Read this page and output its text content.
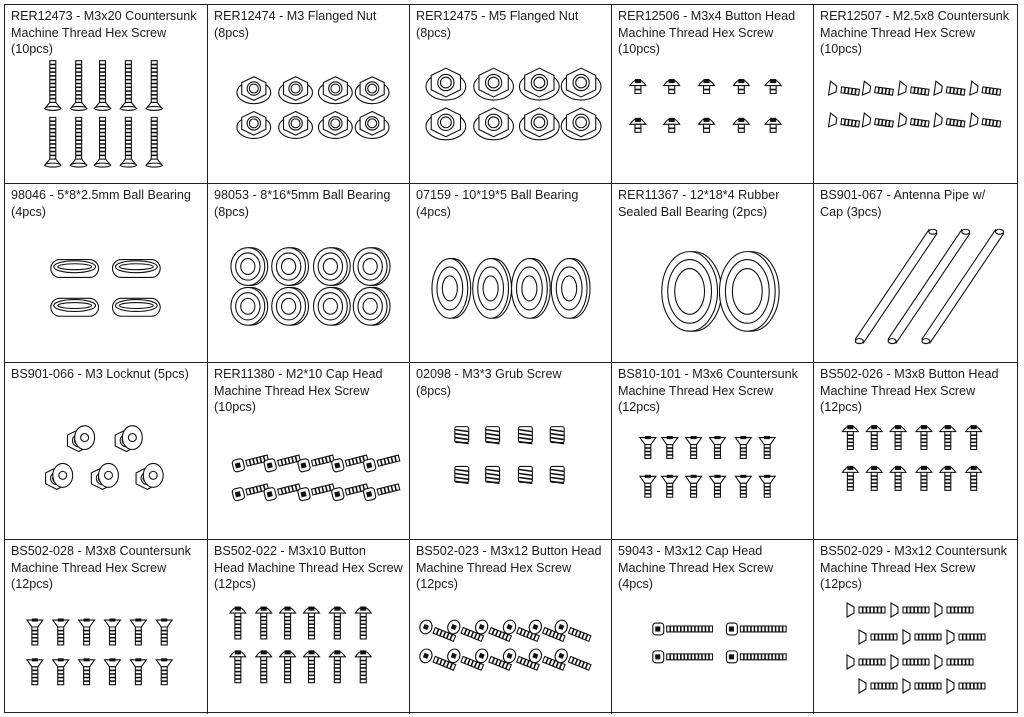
RER12473 - M3x20 Countersunk
Machine Thread Hex Screw
(10pcs)
RER12474 - M3 Flanged Nut
(8pcs)
RER12475 - M5 Flanged Nut
(8pcs)
RER12506 - M3x4 Button Head
Machine Thread Hex Screw
(10pcs)
RER12507 - M2.5x8 Countersunk
Machine Thread Hex Screw
(10pcs)
98046 - 5*8*2.5mm Ball Bearing
(4pcs)
98053 - 8*16*5mm Ball Bearing
(8pcs)
07159 - 10*19*5 Ball Bearing
(4pcs)
RER11367 - 12*18*4 Rubber
Sealed Ball Bearing (2pcs)
BS901-067 - Antenna Pipe w/
Cap (3pcs)
BS901-066 - M3 Locknut (5pcs)	RER11380 - M2*10 Cap Head
Machine Thread Hex Screw
(10pcs)
02098 - M3*3 Grub Screw
(8pcs)
BS810-101 - M3x6 Countersunk
Machine Thread Hex Screw
(12pcs)
BS502-026 - M3x8 Button Head
Machine Thread Hex Screw
(12pcs)
BS502-028 - M3x8 Countersunk
Machine Thread Hex Screw
(12pcs)
BS502-022 - M3x10 Button
Head Machine Thread Hex Screw
(12pcs)
BS502-023 - M3x12 Button Head
Machine Thread Hex Screw
(12pcs)
59043 - M3x12 Cap Head
Machine Thread Hex Screw
(4pcs)
BS502-029 - M3x12 Countersunk
Machine Thread Hex Screw
(12pcs)
